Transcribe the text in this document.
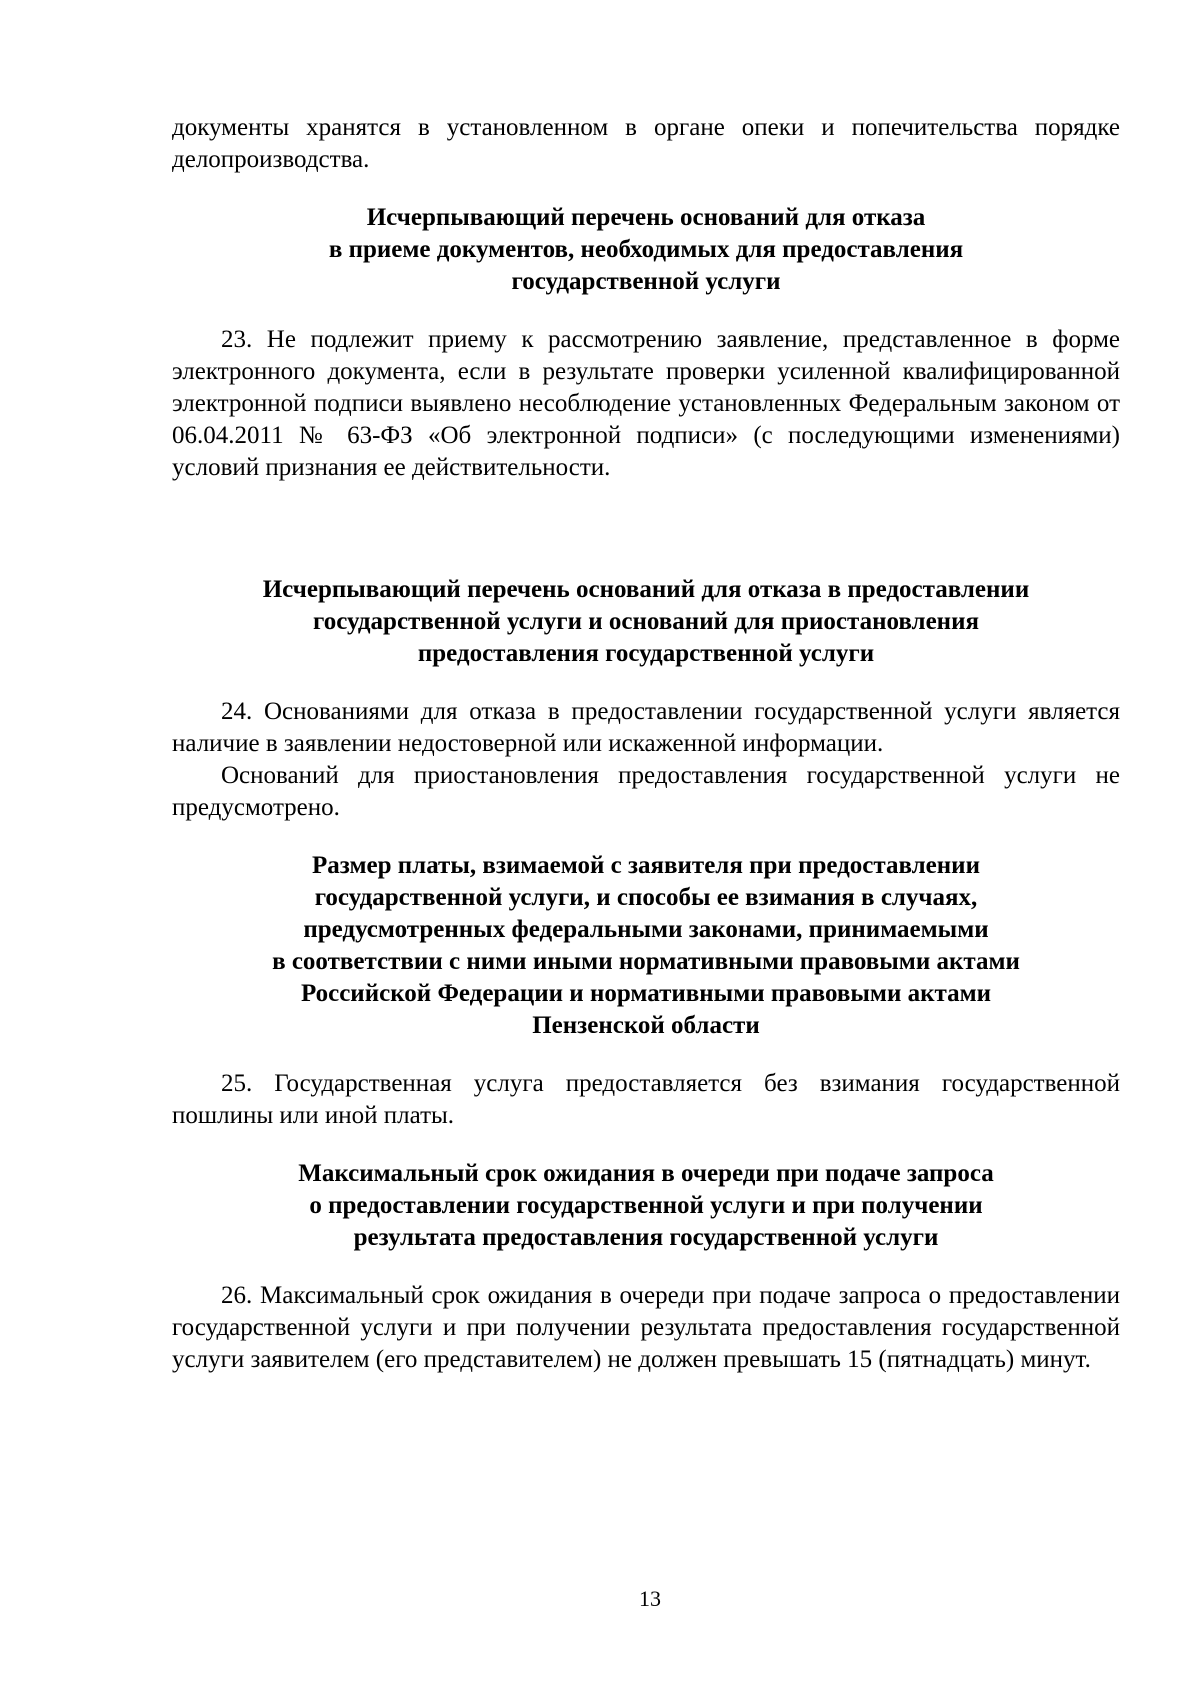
документы хранятся в установленном в органе опеки и попечительства порядке делопроизводства.

Исчерпывающий перечень оснований для отказа
в приеме документов, необходимых для предоставления
государственной услуги

23. Не подлежит приему к рассмотрению заявление, представленное в форме электронного документа, если в результате проверки усиленной квалифицированной электронной подписи выявлено несоблюдение установленных Федеральным законом от 06.04.2011 № 63-ФЗ «Об электронной подписи» (с последующими изменениями) условий признания ее действительности.

Исчерпывающий перечень оснований для отказа в предоставлении
государственной услуги и оснований для приостановления
предоставления государственной услуги

24. Основаниями для отказа в предоставлении государственной услуги является наличие в заявлении недостоверной или искаженной информации.

Оснований для приостановления предоставления государственной услуги не предусмотрено.

Размер платы, взимаемой с заявителя при предоставлении
государственной услуги, и способы ее взимания в случаях,
предусмотренных федеральными законами, принимаемыми
в соответствии с ними иными нормативными правовыми актами
Российской Федерации и нормативными правовыми актами
Пензенской области

25. Государственная услуга предоставляется без взимания государственной пошлины или иной платы.

Максимальный срок ожидания в очереди при подаче запроса
о предоставлении государственной услуги и при получении
результата предоставления государственной услуги

26. Максимальный срок ожидания в очереди при подаче запроса о предоставлении государственной услуги и при получении результата предоставления государственной услуги заявителем (его представителем) не должен превышать 15 (пятнадцать) минут.

13
